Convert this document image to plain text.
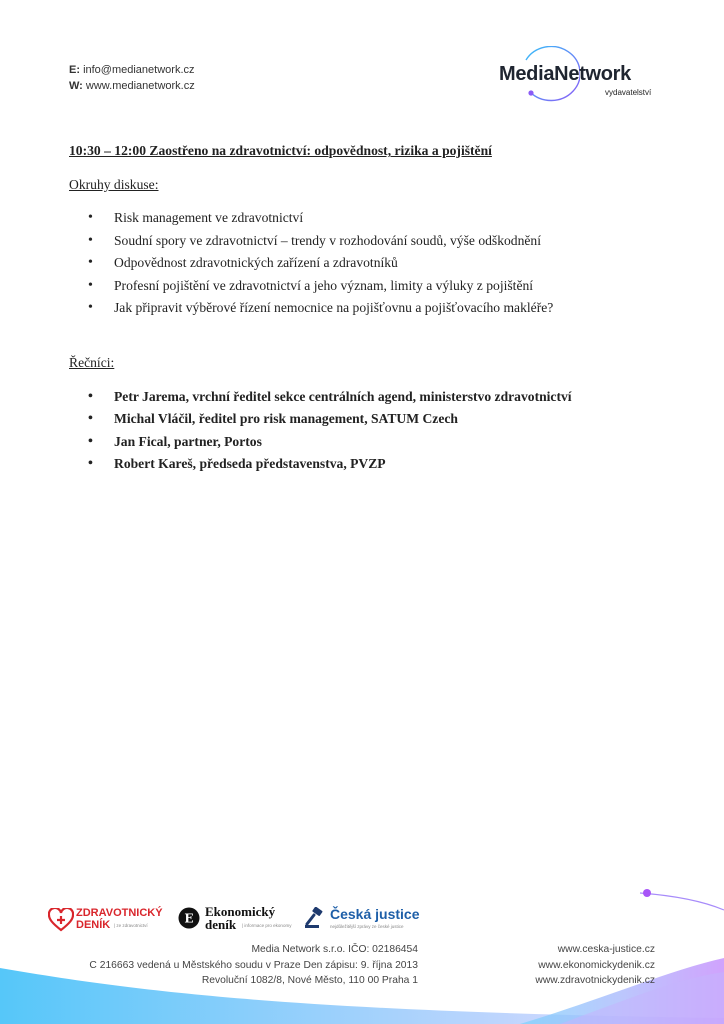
E: info@medianetwork.cz
W: www.medianetwork.cz
MediaNetwork
vydavatelství

10:30 – 12:00 Zaostřeno na zdravotnictví: odpovědnost, rizika a pojištění

Okruhy diskuse:

• Risk management ve zdravotnictví
• Soudní spory ve zdravotnictví – trendy v rozhodování soudů, výše odškodnění
• Odpovědnost zdravotnických zařízení a zdravotníků
• Profesní pojištění ve zdravotnictví a jeho význam, limity a výluky z pojištění
• Jak připravit výběrové řízení nemocnice na pojišťovnu a pojišťovacího makléře?

Řečníci:

• Petr Jarema, vrchní ředitel sekce centrálních agend, ministerstvo zdravotnictví
• Michal Vláčil, ředitel pro risk management, SATUM Czech
• Jan Fical, partner, Portos
• Robert Kareš, předseda představenstva, PVZP
ZDRAVOTNICKÝ
DENÍK | ze zdravotnictví	E Ekonomický
deník | informace pro ekonomy
Česká justice
nejdůležitější zprávy ze české justice
Media Network s.r.o. IČO: 02186454
C 216663 vedená u Městského soudu v Praze Den zápisu: 9. října 2013
Revoluční 1082/8, Nové Město, 110 00 Praha 1
www.ceska-justice.cz
www.ekonomickydenik.cz
www.zdravotnickydenik.cz
